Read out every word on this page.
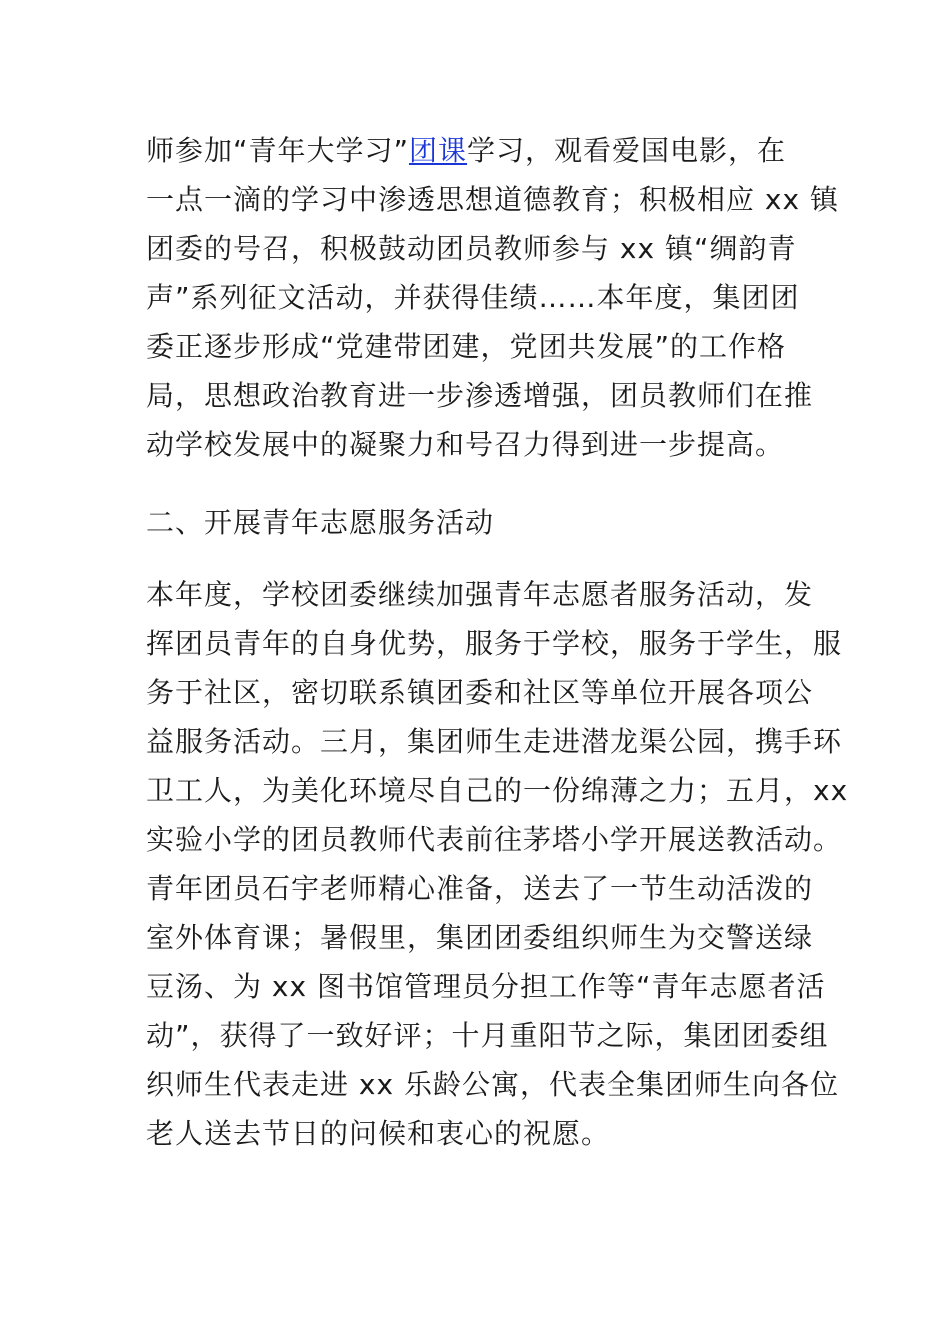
师参加“青年大学习”团课学习，观看爱国电影，在
一点一滴的学习中渗透思想道德教育；积极相应 xx 镇
团委的号召，积极鼓动团员教师参与 xx 镇“绸韵青
声”系列征文活动，并获得佳绩……本年度，集团团
委正逐步形成“党建带团建，党团共发展”的工作格
局，思想政治教育进一步渗透增强，团员教师们在推
动学校发展中的凝聚力和号召力得到进一步提高。
二、开展青年志愿服务活动
本年度，学校团委继续加强青年志愿者服务活动，发
挥团员青年的自身优势，服务于学校，服务于学生，服
务于社区，密切联系镇团委和社区等单位开展各项公
益服务活动。三月，集团师生走进潜龙渠公园，携手环
卫工人，为美化环境尽自己的一份绵薄之力；五月，xx
实验小学的团员教师代表前往茅塔小学开展送教活动。
青年团员石宇老师精心准备，送去了一节生动活泼的
室外体育课；暑假里，集团团委组织师生为交警送绿
豆汤、为 xx 图书馆管理员分担工作等“青年志愿者活
动”，获得了一致好评；十月重阳节之际，集团团委组
织师生代表走进 xx 乐龄公寓，代表全集团师生向各位
老人送去节日的问候和衷心的祝愿。
